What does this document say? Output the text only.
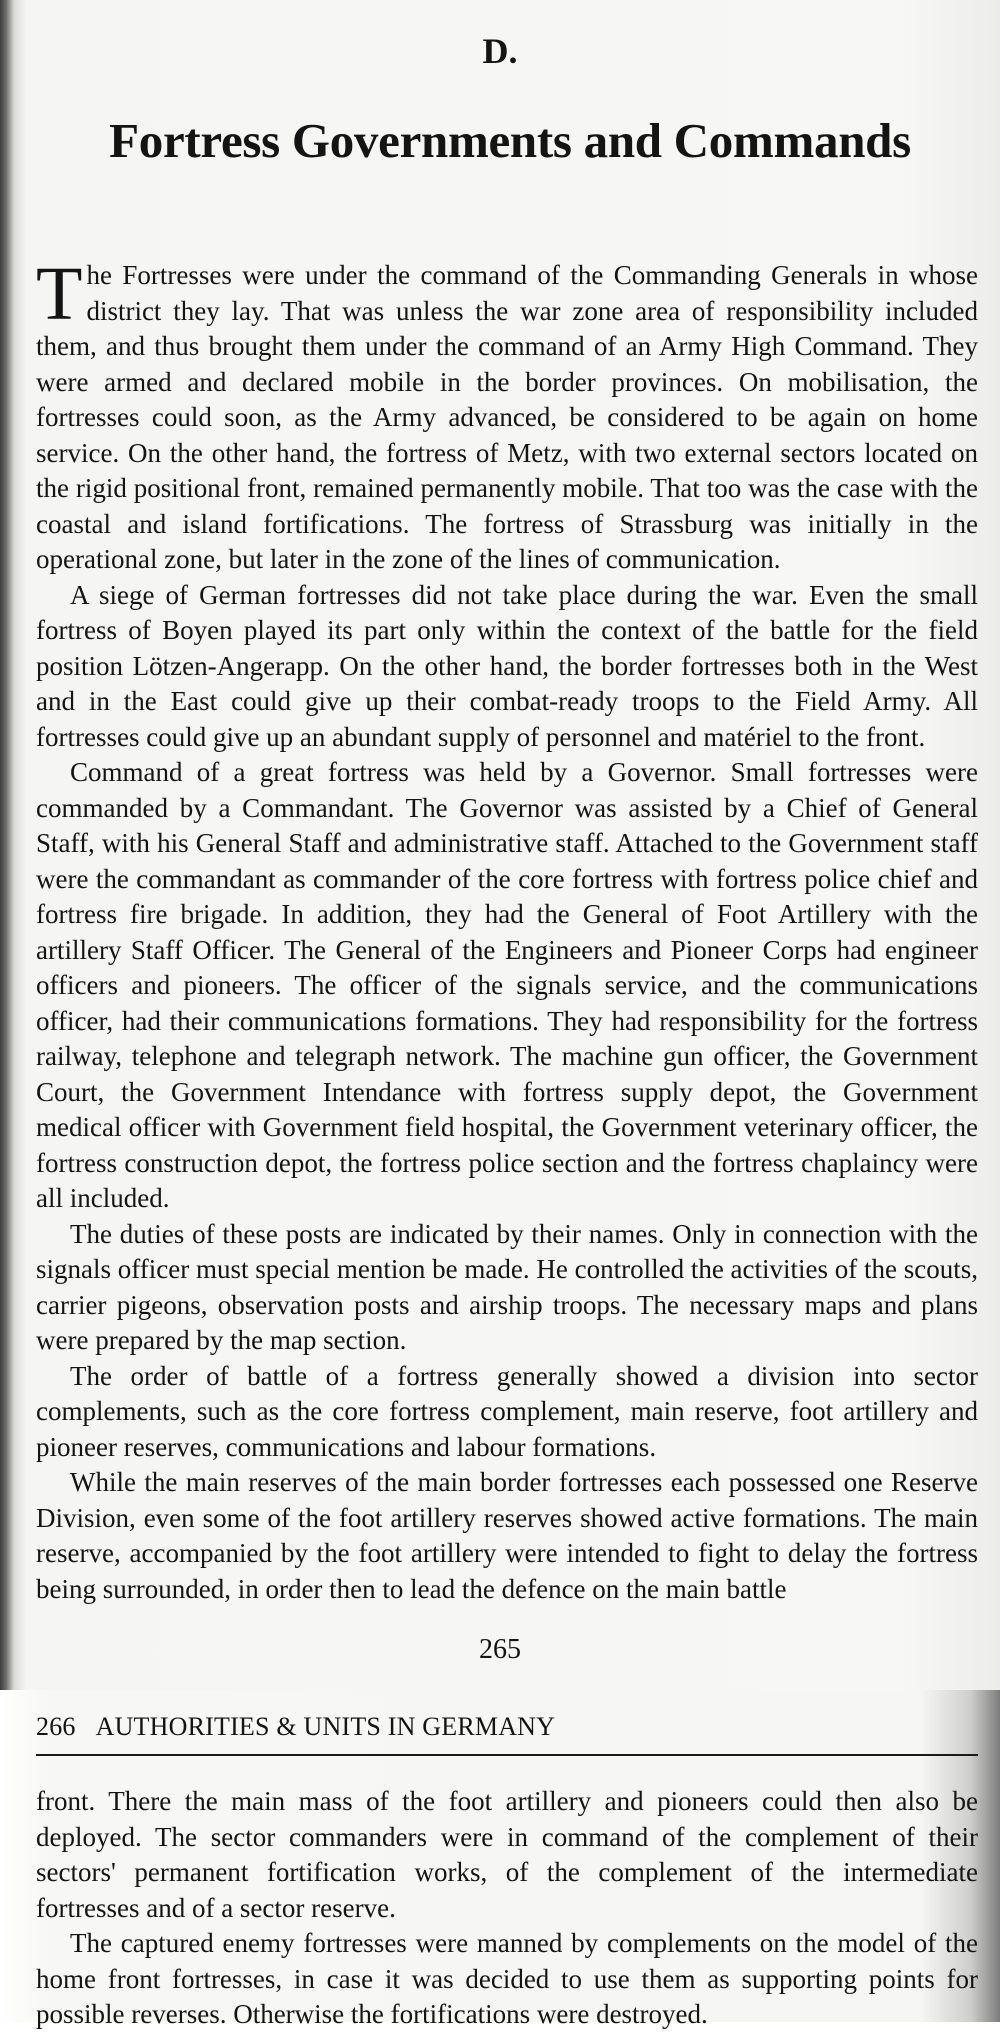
D.
Fortress Governments and Commands

The Fortresses were under the command of the Commanding Generals in whose district they lay. That was unless the war zone area of responsibility included them, and thus brought them under the command of an Army High Command. They were armed and declared mobile in the border provinces. On mobilisation, the fortresses could soon, as the Army advanced, be considered to be again on home service. On the other hand, the fortress of Metz, with two external sectors located on the rigid positional front, remained permanently mobile. That too was the case with the coastal and island fortifications. The fortress of Strassburg was initially in the operational zone, but later in the zone of the lines of communication.

A siege of German fortresses did not take place during the war. Even the small fortress of Boyen played its part only within the context of the battle for the field position Lötzen-Angerapp. On the other hand, the border fortresses both in the West and in the East could give up their combat-ready troops to the Field Army. All fortresses could give up an abundant supply of personnel and matériel to the front.

Command of a great fortress was held by a Governor. Small fortresses were commanded by a Commandant. The Governor was assisted by a Chief of General Staff, with his General Staff and administrative staff. Attached to the Government staff were the commandant as commander of the core fortress with fortress police chief and fortress fire brigade. In addition, they had the General of Foot Artillery with the artillery Staff Officer. The General of the Engineers and Pioneer Corps had engineer officers and pioneers. The officer of the signals service, and the communications officer, had their communications formations. They had responsibility for the fortress railway, telephone and telegraph network. The machine gun officer, the Government Court, the Government Intendance with fortress supply depot, the Government medical officer with Government field hospital, the Government veterinary officer, the fortress construction depot, the fortress police section and the fortress chaplaincy were all included.

The duties of these posts are indicated by their names. Only in connection with the signals officer must special mention be made. He controlled the activities of the scouts, carrier pigeons, observation posts and airship troops. The necessary maps and plans were prepared by the map section.

The order of battle of a fortress generally showed a division into sector complements, such as the core fortress complement, main reserve, foot artillery and pioneer reserves, communications and labour formations.

While the main reserves of the main border fortresses each possessed one Reserve Division, even some of the foot artillery reserves showed active formations. The main reserve, accompanied by the foot artillery were intended to fight to delay the fortress being surrounded, in order then to lead the defence on the main battle

265
266 AUTHORITIES & UNITS IN GERMANY

front. There the main mass of the foot artillery and pioneers could then also be deployed. The sector commanders were in command of the complement of their sectors' permanent fortification works, of the complement of the intermediate fortresses and of a sector reserve.

The captured enemy fortresses were manned by complements on the model of the home front fortresses, in case it was decided to use them as supporting points for possible reverses. Otherwise the fortifications were destroyed.
